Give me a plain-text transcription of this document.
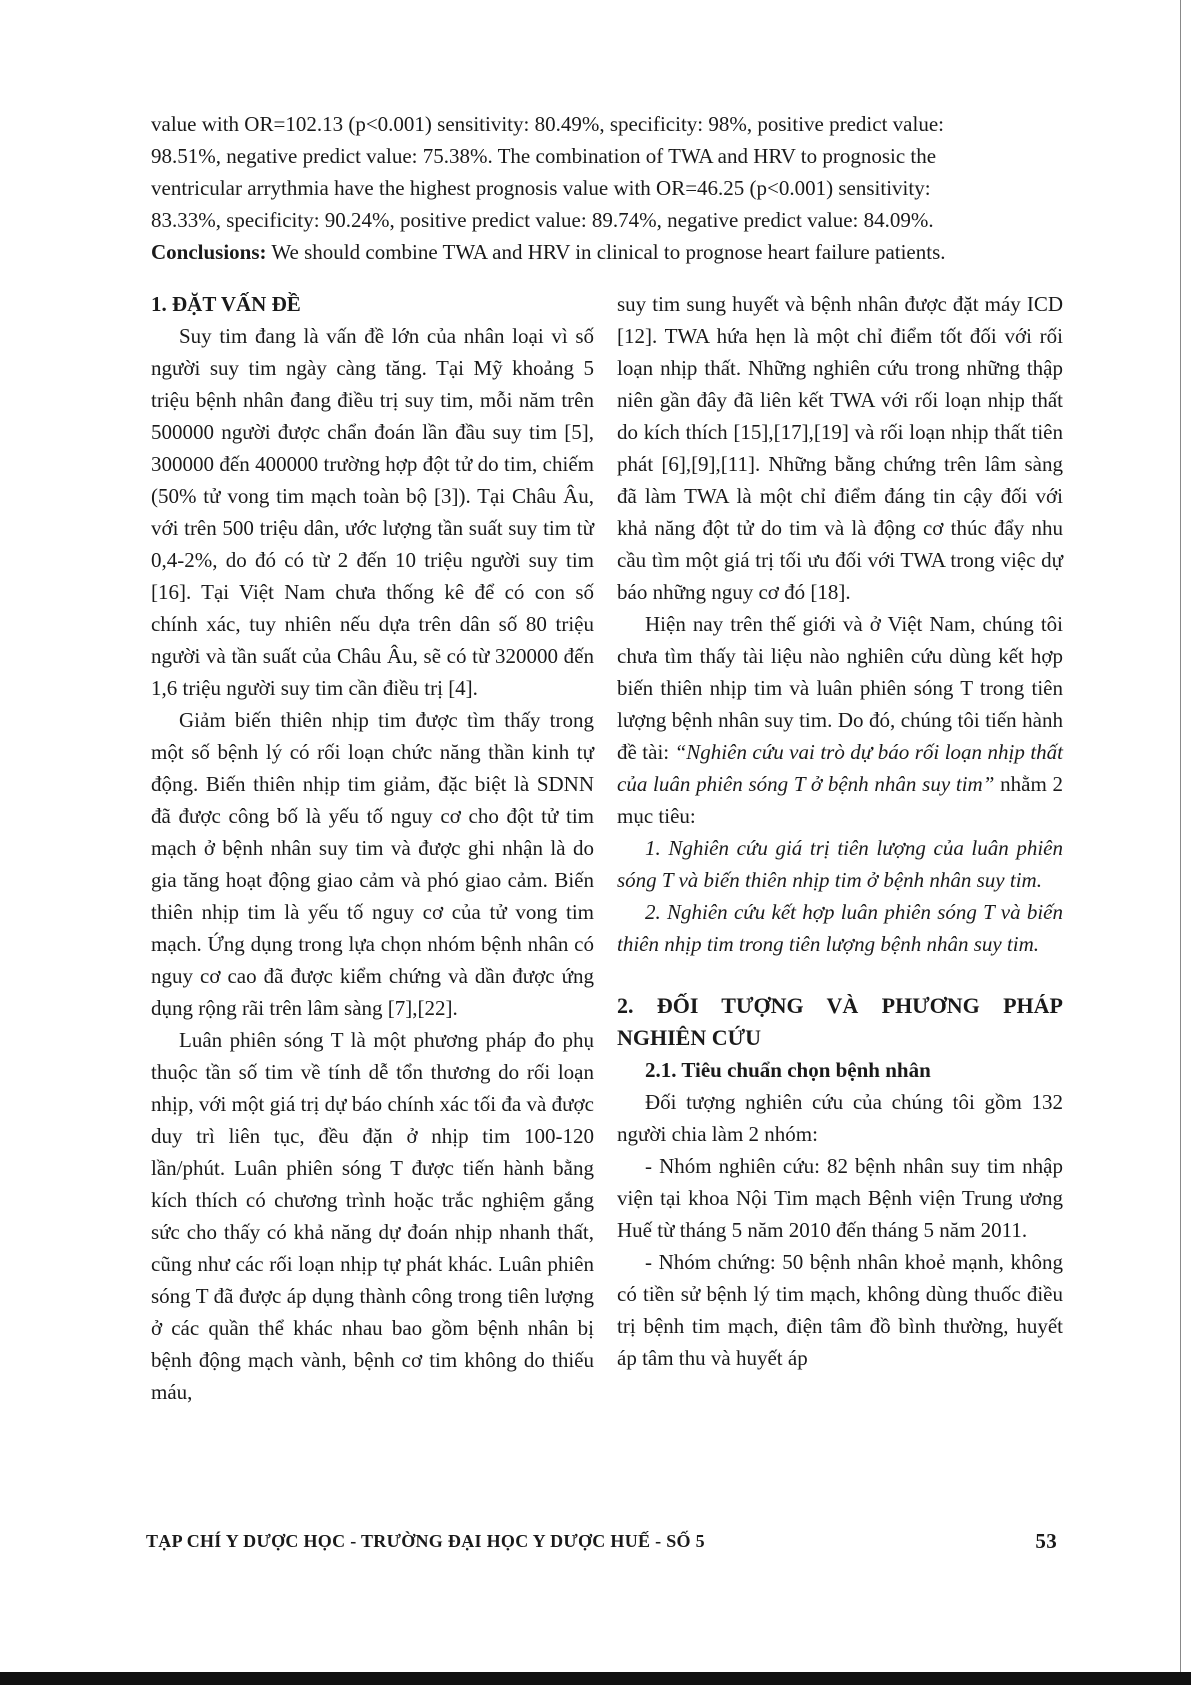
value with OR=102.13 (p<0.001) sensitivity: 80.49%, specificity: 98%, positive predict value:

98.51%, negative predict value: 75.38%. The combination of TWA and HRV to prognosic the

ventricular arrythmia have the highest prognosis value with OR=46.25 (p<0.001) sensitivity:

83.33%, specificity: 90.24%, positive predict value: 89.74%, negative predict value: 84.09%.

Conclusions: We should combine TWA and HRV in clinical to prognose heart failure patients.

1. ĐẶT VẤN ĐỀ

Suy tim đang là vấn đề lớn của nhân loại vì số người suy tim ngày càng tăng. Tại Mỹ khoảng 5 triệu bệnh nhân đang điều trị suy tim, mỗi năm trên 500000 người được chẩn đoán lần đầu suy tim [5], 300000 đến 400000 trường hợp đột tử do tim, chiếm (50% tử vong tim mạch toàn bộ [3]). Tại Châu Âu, với trên 500 triệu dân, ước lượng tần suất suy tim từ 0,4-2%, do đó có từ 2 đến 10 triệu người suy tim [16]. Tại Việt Nam chưa thống kê để có con số chính xác, tuy nhiên nếu dựa trên dân số 80 triệu người và tần suất của Châu Âu, sẽ có từ 320000 đến 1,6 triệu người suy tim cần điều trị [4].

Giảm biến thiên nhịp tim được tìm thấy trong một số bệnh lý có rối loạn chức năng thần kinh tự động. Biến thiên nhịp tim giảm, đặc biệt là SDNN đã được công bố là yếu tố nguy cơ cho đột tử tim mạch ở bệnh nhân suy tim và được ghi nhận là do gia tăng hoạt động giao cảm và phó giao cảm. Biến thiên nhịp tim là yếu tố nguy cơ của tử vong tim mạch. Ứng dụng trong lựa chọn nhóm bệnh nhân có nguy cơ cao đã được kiểm chứng và dần được ứng dụng rộng rãi trên lâm sàng [7],[22].

Luân phiên sóng T là một phương pháp đo phụ thuộc tần số tim về tính dễ tổn thương do rối loạn nhịp, với một giá trị dự báo chính xác tối đa và được duy trì liên tục, đều đặn ở nhịp tim 100-120 lần/phút. Luân phiên sóng T được tiến hành bằng kích thích có chương trình hoặc trắc nghiệm gắng sức cho thấy có khả năng dự đoán nhịp nhanh thất, cũng như các rối loạn nhịp tự phát khác. Luân phiên sóng T đã được áp dụng thành công trong tiên lượng ở các quần thể khác nhau bao gồm bệnh nhân bị bệnh động mạch vành, bệnh cơ tim không do thiếu máu,

suy tim sung huyết và bệnh nhân được đặt máy ICD [12]. TWA hứa hẹn là một chỉ điểm tốt đối với rối loạn nhịp thất. Những nghiên cứu trong những thập niên gần đây đã liên kết TWA với rối loạn nhịp thất do kích thích [15],[17],[19] và rối loạn nhịp thất tiên phát [6],[9],[11]. Những bằng chứng trên lâm sàng đã làm TWA là một chỉ điểm đáng tin cậy đối với khả năng đột tử do tim và là động cơ thúc đẩy nhu cầu tìm một giá trị tối ưu đối với TWA trong việc dự báo những nguy cơ đó [18].

Hiện nay trên thế giới và ở Việt Nam, chúng tôi chưa tìm thấy tài liệu nào nghiên cứu dùng kết hợp biến thiên nhịp tim và luân phiên sóng T trong tiên lượng bệnh nhân suy tim. Do đó, chúng tôi tiến hành đề tài: “Nghiên cứu vai trò dự báo rối loạn nhịp thất của luân phiên sóng T ở bệnh nhân suy tim” nhằm 2 mục tiêu:

1. Nghiên cứu giá trị tiên lượng của luân phiên sóng T và biến thiên nhịp tim ở bệnh nhân suy tim.

2. Nghiên cứu kết hợp luân phiên sóng T và biến thiên nhịp tim trong tiên lượng bệnh nhân suy tim.

2. ĐỐI TƯỢNG VÀ PHƯƠNG PHÁP NGHIÊN CỨU
2.1. Tiêu chuẩn chọn bệnh nhân

Đối tượng nghiên cứu của chúng tôi gồm 132 người chia làm 2 nhóm:

- Nhóm nghiên cứu: 82 bệnh nhân suy tim nhập viện tại khoa Nội Tim mạch Bệnh viện Trung ương Huế từ tháng 5 năm 2010 đến tháng 5 năm 2011.

- Nhóm chứng: 50 bệnh nhân khoẻ mạnh, không có tiền sử bệnh lý tim mạch, không dùng thuốc điều trị bệnh tim mạch, điện tâm đồ bình thường, huyết áp tâm thu và huyết áp

TẠP CHÍ Y DƯỢC HỌC - TRƯỜNG ĐẠI HỌC Y DƯỢC HUẾ - SỐ 5	53
